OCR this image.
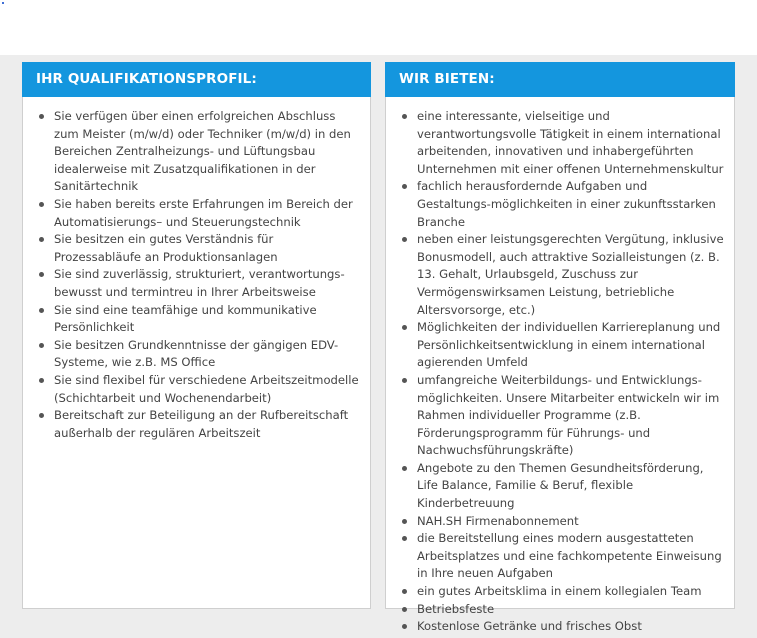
IHR QUALIFIKATIONSPROFIL:
Sie verfügen über einen erfolgreichen Abschluss zum Meister (m/w/d) oder Techniker (m/w/d) in den Bereichen Zentralheizungs- und Lüftungsbau idealerweise mit Zusatzqualifikationen in der Sanitärtechnik
Sie haben bereits erste Erfahrungen im Bereich der Automatisierungs– und Steuerungstechnik
Sie besitzen ein gutes Verständnis für Prozessabläufe an Produktionsanlagen
Sie sind zuverlässig, strukturiert, verantwortungs-bewusst und termintreu in Ihrer Arbeitsweise
Sie sind eine teamfähige und kommunikative Persönlichkeit
Sie besitzen Grundkenntnisse der gängigen EDV-Systeme, wie z.B. MS Office
Sie sind flexibel für verschiedene Arbeitszeitmodelle (Schichtarbeit und Wochenendarbeit)
Bereitschaft zur Beteiligung an der Rufbereitschaft außerhalb der regulären Arbeitszeit
WIR BIETEN:
eine interessante, vielseitige und verantwortungsvolle Tätigkeit in einem international arbeitenden, innovativen und inhabergeführten Unternehmen mit einer offenen Unternehmenskultur
fachlich herausfordernde Aufgaben und Gestaltungs-möglichkeiten in einer zukunftsstarken Branche
neben einer leistungsgerechten Vergütung, inklusive Bonusmodell, auch attraktive Sozialleistungen (z. B. 13. Gehalt, Urlaubsgeld, Zuschuss zur Vermögenswirksamen Leistung, betriebliche Altersvorsorge, etc.)
Möglichkeiten der individuellen Karriereplanung und Persönlichkeitsentwicklung in einem international agierenden Umfeld
umfangreiche Weiterbildungs- und Entwicklungs-möglichkeiten. Unsere Mitarbeiter entwickeln wir im Rahmen individueller Programme (z.B. Förderungsprogramm für Führungs- und Nachwuchsführungskräfte)
Angebote zu den Themen Gesundheitsförderung, Life Balance, Familie & Beruf, flexible Kinderbetreuung
NAH.SH Firmenabonnement
die Bereitstellung eines modern ausgestatteten Arbeitsplatzes und eine fachkompetente Einweisung in Ihre neuen Aufgaben
ein gutes Arbeitsklima in einem kollegialen Team
Betriebsfeste
Kostenlose Getränke und frisches Obst
